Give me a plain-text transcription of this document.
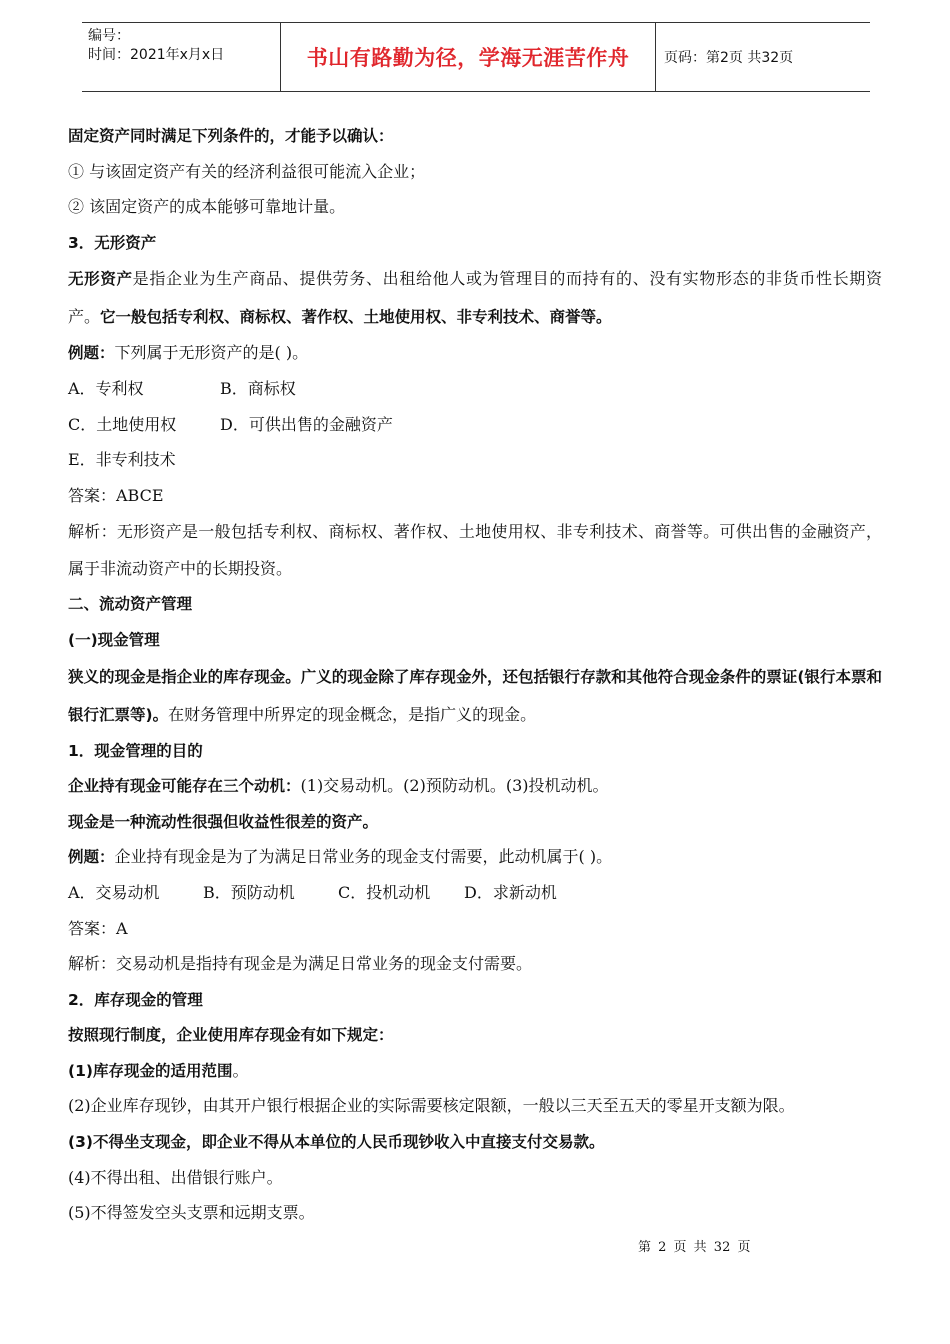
编号：
时间：2021年x月x日	书山有路勤为径，学海无涯苦作舟	页码：第2页 共32页

固定资产同时满足下列条件的，才能予以确认：

① 与该固定资产有关的经济利益很可能流入企业；

② 该固定资产的成本能够可靠地计量。

3．无形资产

无形资产是指企业为生产商品、提供劳务、出租给他人或为管理目的而持有的、没有实物形态的非货币性长期资产。它一般包括专利权、商标权、著作权、土地使用权、非专利技术、商誉等。

例题：下列属于无形资产的是( )。

A．专利权	B．商标权

C．土地使用权	D．可供出售的金融资产

E．非专利技术

答案：ABCE

解析：无形资产是一般包括专利权、商标权、著作权、土地使用权、非专利技术、商誉等。可供出售的金融资产，属于非流动资产中的长期投资。

二、流动资产管理

(一)现金管理

狭义的现金是指企业的库存现金。广义的现金除了库存现金外，还包括银行存款和其他符合现金条件的票证(银行本票和银行汇票等)。在财务管理中所界定的现金概念，是指广义的现金。

1．现金管理的目的

企业持有现金可能存在三个动机：(1)交易动机。(2)预防动机。(3)投机动机。

现金是一种流动性很强但收益性很差的资产。

例题：企业持有现金是为了为满足日常业务的现金支付需要，此动机属于( )。

A．交易动机	B．预防动机	C．投机动机 D．求新动机

答案：A

解析：交易动机是指持有现金是为满足日常业务的现金支付需要。

2．库存现金的管理

按照现行制度，企业使用库存现金有如下规定：

(1)库存现金的适用范围。

(2)企业库存现钞，由其开户银行根据企业的实际需要核定限额，一般以三天至五天的零星开支额为限。

(3)不得坐支现金，即企业不得从本单位的人民币现钞收入中直接支付交易款。

(4)不得出租、出借银行账户。

(5)不得签发空头支票和远期支票。

第 2 页 共 32 页
